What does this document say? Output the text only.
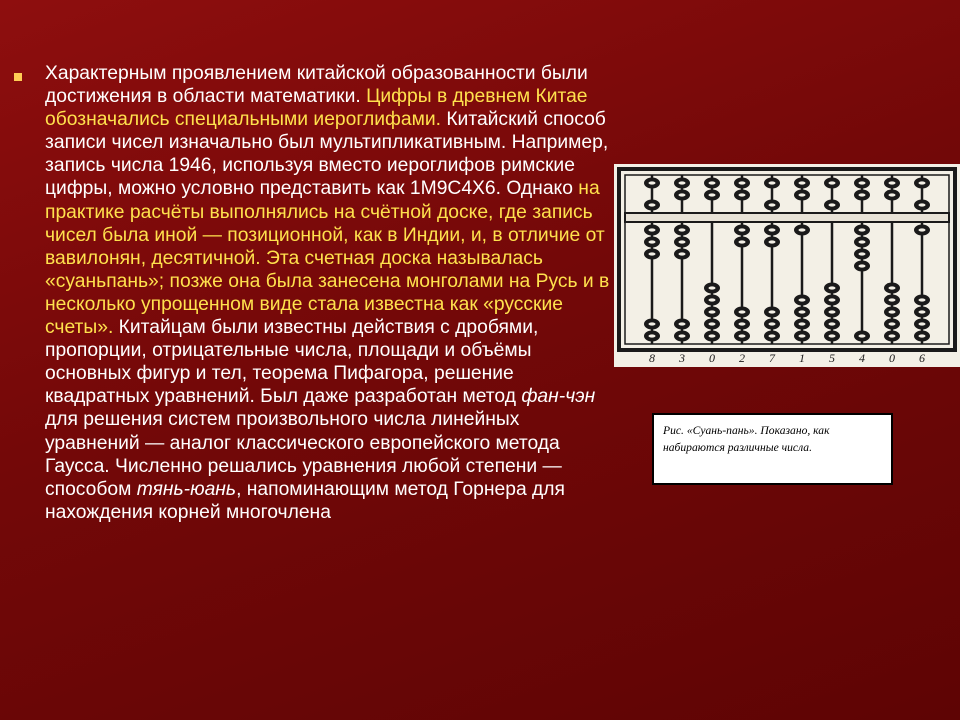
Характерным проявлением китайской образованности были достижения в области математики. Цифры в древнем Китае обозначались специальными иероглифами. Китайский способ записи чисел изначально был мультипликативным. Например, запись числа 1946, используя вместо иероглифов римские цифры, можно условно представить как 1M9C4X6. Однако на практике расчёты выполнялись на счётной доске, где запись чисел была иной — позиционной, как в Индии, и, в отличие от вавилонян, десятичной. Эта счетная доска называлась «суаньпань»; позже она была занесена монголами на Русь и в несколько упрощенном виде стала известна как «русские счеты». Китайцам были известны действия с дробями, пропорции, отрицательные числа, площади и объёмы основных фигур и тел, теорема Пифагора, решение квадратных уравнений. Был даже разработан метод фан-чэн для решения систем произвольного числа линейных уравнений — аналог классического европейского метода Гаусса. Численно решались уравнения любой степени — способом тянь-юань, напоминающим метод Горнера для нахождения корней многочлена

8 3 0 2 7 1 5 4 0 6

Рис. «Суань-пань». Показано, как набираются различные числа.
